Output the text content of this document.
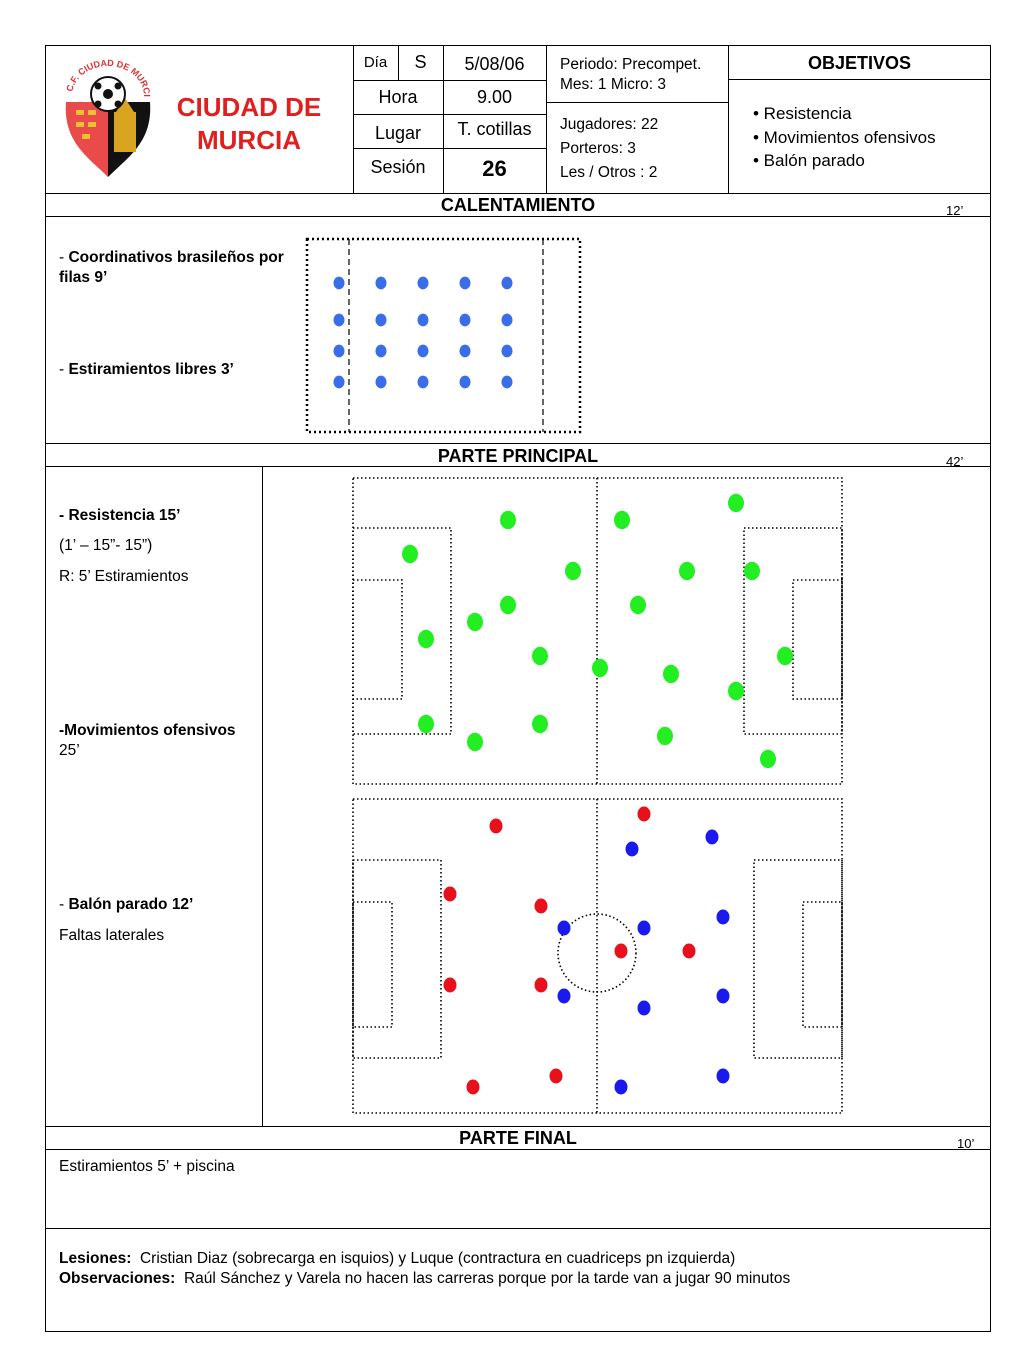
C.F. CIUDAD DE MURCIA
CIUDAD DE
MURCIA
Día	S	5/08/06
Hora	9.00
Lugar	T. cotillas
Sesión	26
Periodo: Precompet.
Mes: 1 Micro: 3
Jugadores: 22
Porteros: 3
Les / Otros : 2
OBJETIVOS
• Resistencia
• Movimientos ofensivos
• Balón parado
CALENTAMIENTO	12’
- Coordinativos brasileños por filas 9’
- Estiramientos libres 3’
PARTE PRINCIPAL	42’
- Resistencia 15’
(1’ – 15”- 15”)
R: 5’ Estiramientos
-Movimientos ofensivos
25’
- Balón parado 12’
Faltas laterales
PARTE FINAL	10’
Estiramientos 5’ + piscina
Lesiones: Cristian Diaz (sobrecarga en isquios) y Luque (contractura en cuadriceps pn izquierda)
Observaciones: Raúl Sánchez y Varela no hacen las carreras porque por la tarde van a jugar 90 minutos
